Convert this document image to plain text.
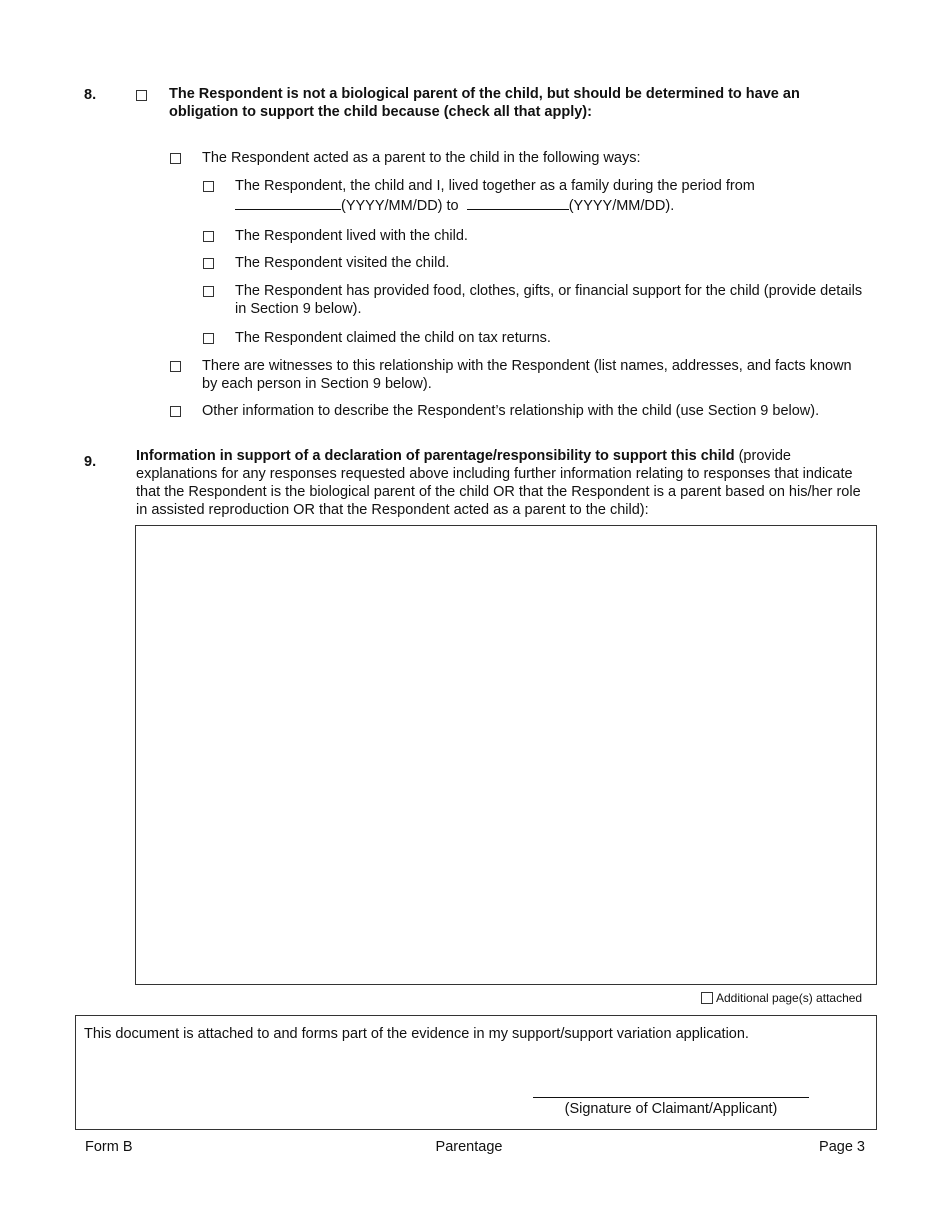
8.	The Respondent is not a biological parent of the child, but should be determined to have an obligation to support the child because (check all that apply):
The Respondent acted as a parent to the child in the following ways:
The Respondent, the child and I, lived together as a family during the period from
(YYYY/MM/DD) to	(YYYY/MM/DD).
The Respondent lived with the child.
The Respondent visited the child.
The Respondent has provided food, clothes, gifts, or financial support for the child (provide details in Section 9 below).
The Respondent claimed the child on tax returns.
There are witnesses to this relationship with the Respondent (list names, addresses, and facts known by each person in Section 9 below).
Other information to describe the Respondent’s relationship with the child (use Section 9 below).
9.	Information in support of a declaration of parentage/responsibility to support this child (provide explanations for any responses requested above including further information relating to responses that indicate that the Respondent is the biological parent of the child OR that the Respondent is a parent based on his/her role in assisted reproduction OR that the Respondent acted as a parent to the child):
Additional page(s) attached
This document is attached to and forms part of the evidence in my support/support variation application.
(Signature of Claimant/Applicant)
Form B	Parentage	Page 3
